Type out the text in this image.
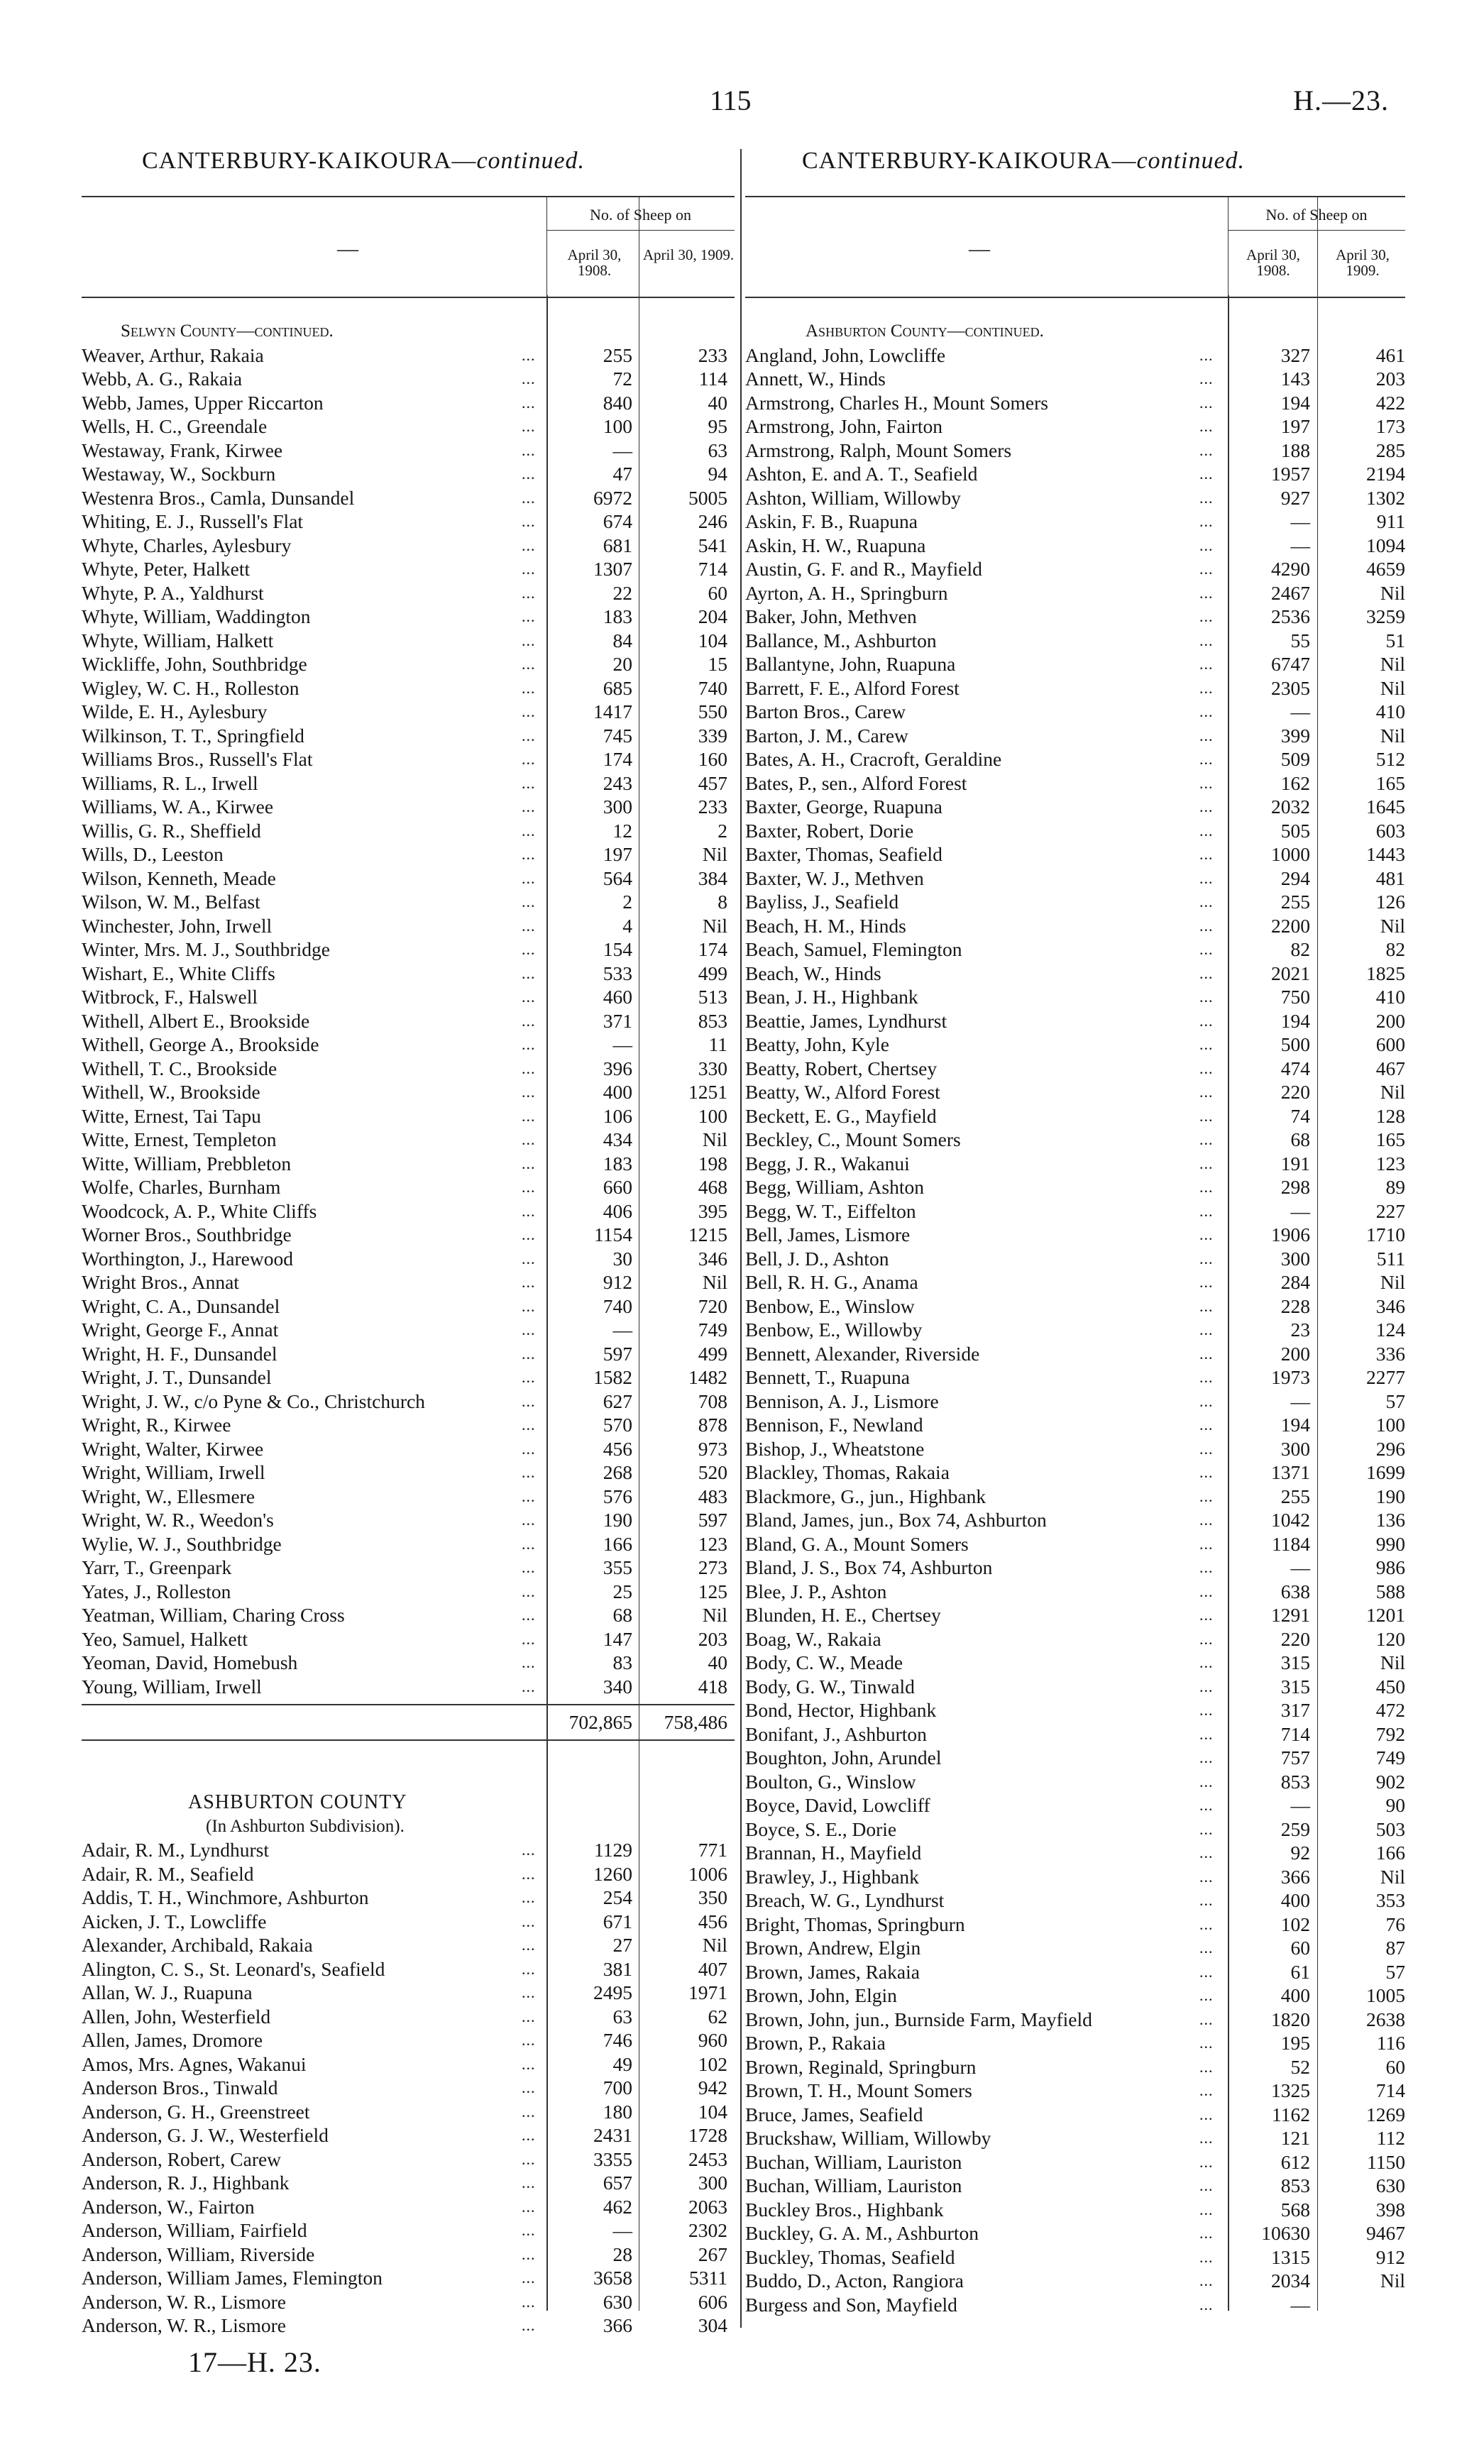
115	H.—23.
CANTERBURY-KAIKOURA—continued.	CANTERBURY-KAIKOURA—continued.
—
No. of Sheep on
April 30, 1908.
April 30, 1909.
Selwyn County—continued.
Weaver, Arthur, Rakaia	...	255	233
Webb, A. G., Rakaia	...	72	114
Webb, James, Upper Riccarton	...	840	40
Wells, H. C., Greendale	...	100	95
Westaway, Frank, Kirwee	...	—	63
Westaway, W., Sockburn	...	47	94
Westenra Bros., Camla, Dunsandel	...	6972	5005
Whiting, E. J., Russell's Flat	...	674	246
Whyte, Charles, Aylesbury	...	681	541
Whyte, Peter, Halkett	...	1307	714
Whyte, P. A., Yaldhurst	...	22	60
Whyte, William, Waddington	...	183	204
Whyte, William, Halkett	...	84	104
Wickliffe, John, Southbridge	...	20	15
Wigley, W. C. H., Rolleston	...	685	740
Wilde, E. H., Aylesbury	...	1417	550
Wilkinson, T. T., Springfield	...	745	339
Williams Bros., Russell's Flat	...	174	160
Williams, R. L., Irwell	...	243	457
Williams, W. A., Kirwee	...	300	233
Willis, G. R., Sheffield	...	12	2
Wills, D., Leeston	...	197	Nil
Wilson, Kenneth, Meade	...	564	384
Wilson, W. M., Belfast	...	2	8
Winchester, John, Irwell	...	4	Nil
Winter, Mrs. M. J., Southbridge	...	154	174
Wishart, E., White Cliffs	...	533	499
Witbrock, F., Halswell	...	460	513
Withell, Albert E., Brookside	...	371	853
Withell, George A., Brookside	...	—	11
Withell, T. C., Brookside	...	396	330
Withell, W., Brookside	...	400	1251
Witte, Ernest, Tai Tapu	...	106	100
Witte, Ernest, Templeton	...	434	Nil
Witte, William, Prebbleton	...	183	198
Wolfe, Charles, Burnham	...	660	468
Woodcock, A. P., White Cliffs	...	406	395
Worner Bros., Southbridge	...	1154	1215
Worthington, J., Harewood	...	30	346
Wright Bros., Annat	...	912	Nil
Wright, C. A., Dunsandel	...	740	720
Wright, George F., Annat	...	—	749
Wright, H. F., Dunsandel	...	597	499
Wright, J. T., Dunsandel	...	1582	1482
Wright, J. W., c/o Pyne & Co., Christchurch	...	627	708
Wright, R., Kirwee	...	570	878
Wright, Walter, Kirwee	...	456	973
Wright, William, Irwell	...	268	520
Wright, W., Ellesmere	...	576	483
Wright, W. R., Weedon's	...	190	597
Wylie, W. J., Southbridge	...	166	123
Yarr, T., Greenpark	...	355	273
Yates, J., Rolleston	...	25	125
Yeatman, William, Charing Cross	...	68	Nil
Yeo, Samuel, Halkett	...	147	203
Yeoman, David, Homebush	...	83	40
Young, William, Irwell	...	340	418
702,865	758,486
ASHBURTON COUNTY
(In Ashburton Subdivision).
Adair, R. M., Lyndhurst	...	1129	771
Adair, R. M., Seafield	...	1260	1006
Addis, T. H., Winchmore, Ashburton	...	254	350
Aicken, J. T., Lowcliffe	...	671	456
Alexander, Archibald, Rakaia	...	27	Nil
Alington, C. S., St. Leonard's, Seafield	...	381	407
Allan, W. J., Ruapuna	...	2495	1971
Allen, John, Westerfield	...	63	62
Allen, James, Dromore	...	746	960
Amos, Mrs. Agnes, Wakanui	...	49	102
Anderson Bros., Tinwald	...	700	942
Anderson, G. H., Greenstreet	...	180	104
Anderson, G. J. W., Westerfield	...	2431	1728
Anderson, Robert, Carew	...	3355	2453
Anderson, R. J., Highbank	...	657	300
Anderson, W., Fairton	...	462	2063
Anderson, William, Fairfield	...	—	2302
Anderson, William, Riverside	...	28	267
Anderson, William James, Flemington	...	3658	5311
Anderson, W. R., Lismore	...	630	606
Anderson, W. R., Lismore	...	366	304
—
No. of Sheep on
April 30, 1908.
April 30, 1909.
Ashburton County—continued.
Angland, John, Lowcliffe	...	327	461
Annett, W., Hinds	...	143	203
Armstrong, Charles H., Mount Somers	...	194	422
Armstrong, John, Fairton	...	197	173
Armstrong, Ralph, Mount Somers	...	188	285
Ashton, E. and A. T., Seafield	...	1957	2194
Ashton, William, Willowby	...	927	1302
Askin, F. B., Ruapuna	...	—	911
Askin, H. W., Ruapuna	...	—	1094
Austin, G. F. and R., Mayfield	...	4290	4659
Ayrton, A. H., Springburn	...	2467	Nil
Baker, John, Methven	...	2536	3259
Ballance, M., Ashburton	...	55	51
Ballantyne, John, Ruapuna	...	6747	Nil
Barrett, F. E., Alford Forest	...	2305	Nil
Barton Bros., Carew	...	—	410
Barton, J. M., Carew	...	399	Nil
Bates, A. H., Cracroft, Geraldine	...	509	512
Bates, P., sen., Alford Forest	...	162	165
Baxter, George, Ruapuna	...	2032	1645
Baxter, Robert, Dorie	...	505	603
Baxter, Thomas, Seafield	...	1000	1443
Baxter, W. J., Methven	...	294	481
Bayliss, J., Seafield	...	255	126
Beach, H. M., Hinds	...	2200	Nil
Beach, Samuel, Flemington	...	82	82
Beach, W., Hinds	...	2021	1825
Bean, J. H., Highbank	...	750	410
Beattie, James, Lyndhurst	...	194	200
Beatty, John, Kyle	...	500	600
Beatty, Robert, Chertsey	...	474	467
Beatty, W., Alford Forest	...	220	Nil
Beckett, E. G., Mayfield	...	74	128
Beckley, C., Mount Somers	...	68	165
Begg, J. R., Wakanui	...	191	123
Begg, William, Ashton	...	298	89
Begg, W. T., Eiffelton	...	—	227
Bell, James, Lismore	...	1906	1710
Bell, J. D., Ashton	...	300	511
Bell, R. H. G., Anama	...	284	Nil
Benbow, E., Winslow	...	228	346
Benbow, E., Willowby	...	23	124
Bennett, Alexander, Riverside	...	200	336
Bennett, T., Ruapuna	...	1973	2277
Bennison, A. J., Lismore	...	—	57
Bennison, F., Newland	...	194	100
Bishop, J., Wheatstone	...	300	296
Blackley, Thomas, Rakaia	...	1371	1699
Blackmore, G., jun., Highbank	...	255	190
Bland, James, jun., Box 74, Ashburton	...	1042	136
Bland, G. A., Mount Somers	...	1184	990
Bland, J. S., Box 74, Ashburton	...	—	986
Blee, J. P., Ashton	...	638	588
Blunden, H. E., Chertsey	...	1291	1201
Boag, W., Rakaia	...	220	120
Body, C. W., Meade	...	315	Nil
Body, G. W., Tinwald	...	315	450
Bond, Hector, Highbank	...	317	472
Bonifant, J., Ashburton	...	714	792
Boughton, John, Arundel	...	757	749
Boulton, G., Winslow	...	853	902
Boyce, David, Lowcliff	...	—	90
Boyce, S. E., Dorie	...	259	503
Brannan, H., Mayfield	...	92	166
Brawley, J., Highbank	...	366	Nil
Breach, W. G., Lyndhurst	...	400	353
Bright, Thomas, Springburn	...	102	76
Brown, Andrew, Elgin	...	60	87
Brown, James, Rakaia	...	61	57
Brown, John, Elgin	...	400	1005
Brown, John, jun., Burnside Farm, Mayfield	...	1820	2638
Brown, P., Rakaia	...	195	116
Brown, Reginald, Springburn	...	52	60
Brown, T. H., Mount Somers	...	1325	714
Bruce, James, Seafield	...	1162	1269
Bruckshaw, William, Willowby	...	121	112
Buchan, William, Lauriston	...	612	1150
Buchan, William, Lauriston	...	853	630
Buckley Bros., Highbank	...	568	398
Buckley, G. A. M., Ashburton	...	10630	9467
Buckley, Thomas, Seafield	...	1315	912
Buddo, D., Acton, Rangiora	...	2034	Nil
Burgess and Son, Mayfield	...	—
17—H. 23.
